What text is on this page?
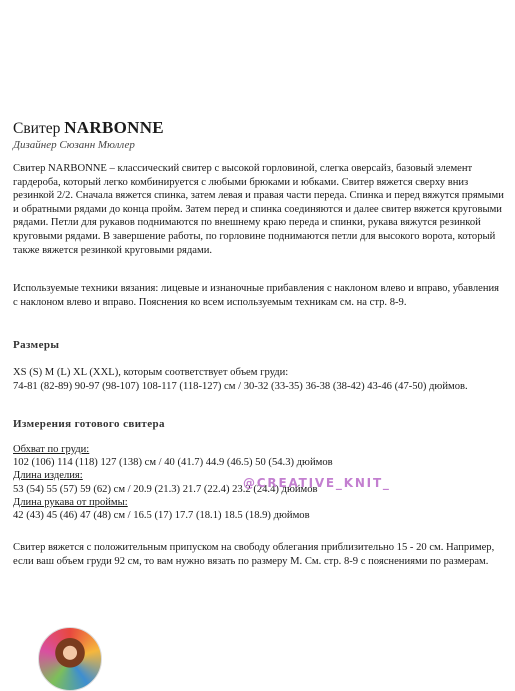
Свитер NARBONNE
Дизайнер Сюзанн Мюллер
Свитер NARBONNE – классический свитер с высокой горловиной, слегка оверсайз, базовый элемент гардероба, который легко комбинируется с любыми брюками и юбками. Свитер вяжется сверху вниз резинкой 2/2. Сначала вяжется спинка, затем левая и правая части переда. Спинка и перед вяжутся прямыми и обратными рядами до конца пройм. Затем перед и спинка соединяются и далее свитер вяжется круговыми рядами. Петли для рукавов поднимаются по внешнему краю переда и спинки, рукава вяжутся резинкой круговыми рядами. В завершение работы, по горловине поднимаются петли для высокого ворота, который также вяжется резинкой круговыми рядами.
Используемые техники вязания: лицевые и изнаночные прибавления с наклоном влево и вправо, убавления с наклоном влево и вправо. Пояснения ко всем используемым техникам см. на стр. 8-9.
Размеры
XS (S) M (L) XL (XXL), которым соответствует объем груди:
74-81 (82-89) 90-97 (98-107) 108-117 (118-127) см / 30-32 (33-35) 36-38 (38-42) 43-46 (47-50) дюймов.
Измерения готового свитера
Обхват по груди:
102 (106) 114 (118) 127 (138) см / 40 (41.7) 44.9 (46.5) 50 (54.3) дюймов
Длина изделия:
53 (54) 55 (57) 59 (62) см / 20.9 (21.3) 21.7 (22.4) 23.2 (24.4) дюймов
Длина рукава от проймы:
42 (43) 45 (46) 47 (48) см / 16.5 (17) 17.7 (18.1) 18.5 (18.9) дюймов
Свитер вяжется с положительным припуском на свободу облегания приблизительно 15 - 20 см. Например, если ваш объем груди 92 см, то вам нужно вязать по размеру М. См. стр. 8-9 с пояснениями по размерам.
@CREATIVE_KNIT_
